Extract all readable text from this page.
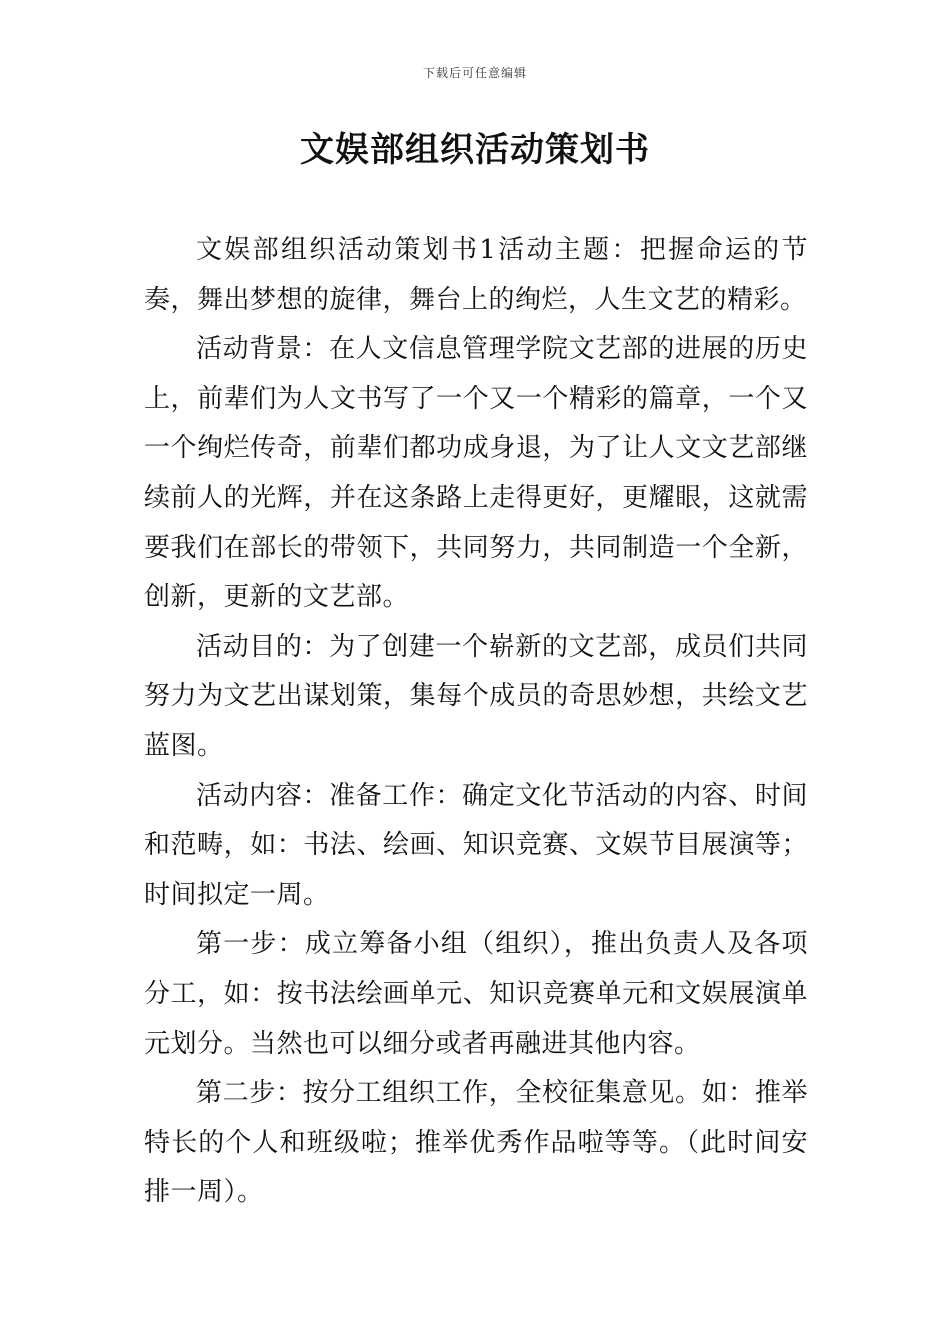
下载后可任意编辑
文娱部组织活动策划书

文娱部组织活动策划书1活动主题：把握命运的节奏，舞出梦想的旋律，舞台上的绚烂，人生文艺的精彩。

活动背景：在人文信息管理学院文艺部的进展的历史上，前辈们为人文书写了一个又一个精彩的篇章，一个又一个绚烂传奇，前辈们都功成身退，为了让人文文艺部继续前人的光辉，并在这条路上走得更好，更耀眼，这就需要我们在部长的带领下，共同努力，共同制造一个全新，创新，更新的文艺部。

活动目的：为了创建一个崭新的文艺部，成员们共同努力为文艺出谋划策，集每个成员的奇思妙想，共绘文艺蓝图。

活动内容：准备工作：确定文化节活动的内容、时间和范畴，如：书法、绘画、知识竞赛、文娱节目展演等；时间拟定一周。

第一步：成立筹备小组（组织），推出负责人及各项分工，如：按书法绘画单元、知识竞赛单元和文娱展演单元划分。当然也可以细分或者再融进其他内容。

第二步：按分工组织工作，全校征集意见。如：推举特长的个人和班级啦；推举优秀作品啦等等。（此时间安排一周）。
